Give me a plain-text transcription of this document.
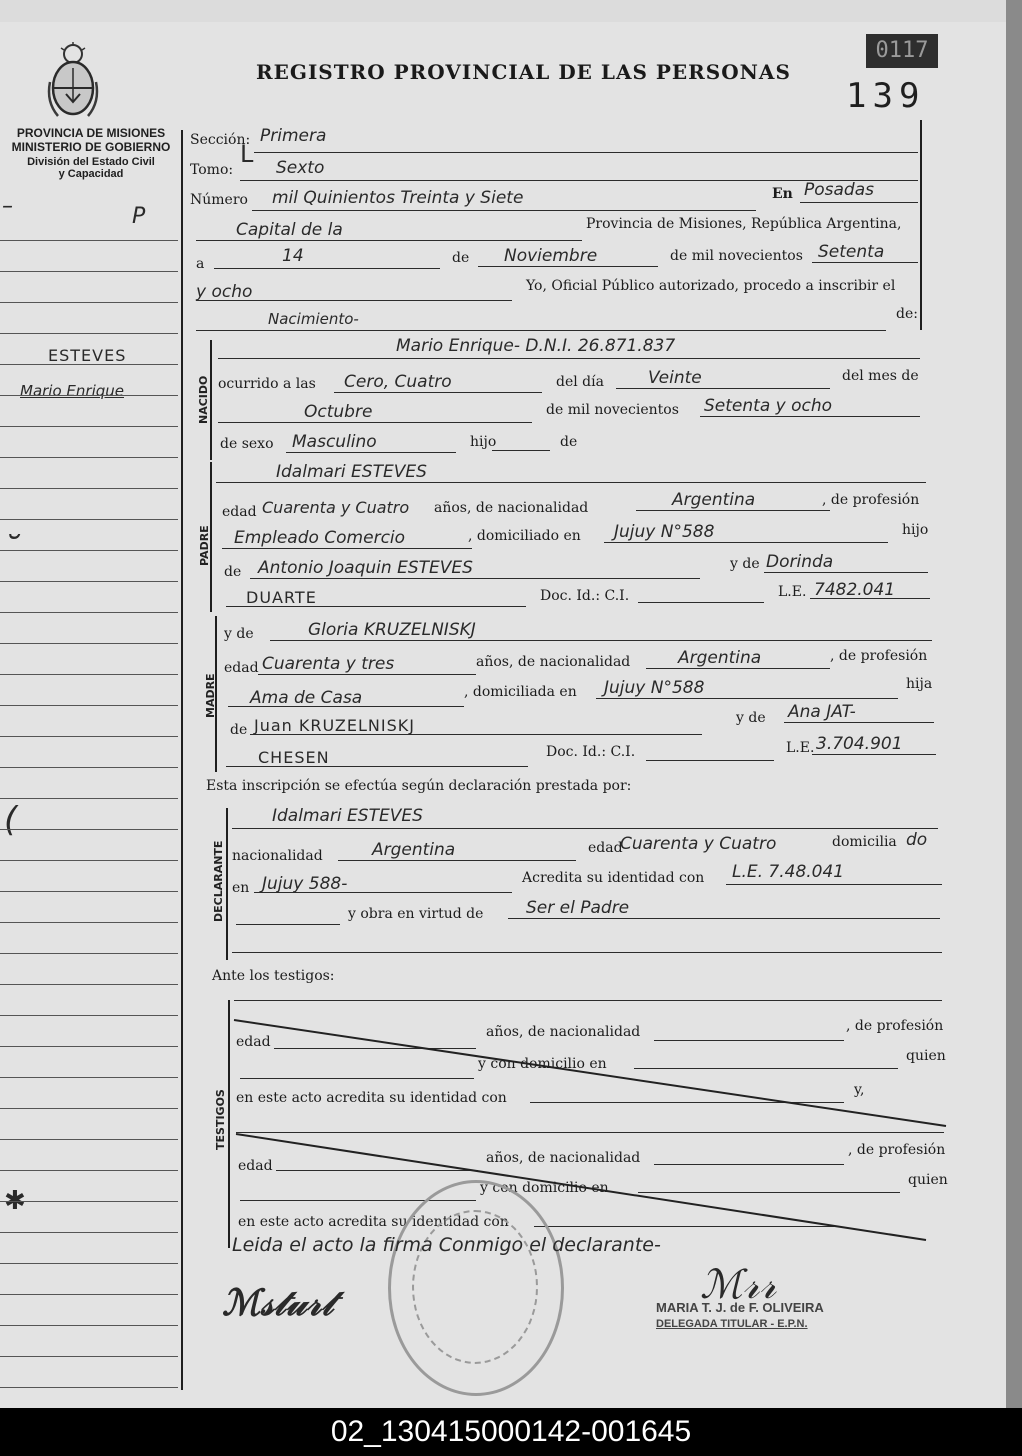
0117
REGISTRO PROVINCIAL DE LAS PERSONAS
139
PROVINCIA DE MISIONES
MINISTERIO DE GOBIERNO
División del Estado Civil
y Capacidad
–	P
ESTEVES
Mario Enrique
˘
(
✱
Sección: Primera
Tomo:
L Sexto
Número mil Quinientos Treinta y Siete	En Posadas
Capital de la	Provincia de Misiones, República Argentina,
a	14	de Noviembre	de mil novecientos Setenta
y ocho	Yo, Oficial Público autorizado, procedo a inscribir el
Nacimiento-	de:
NACIDO
Mario Enrique- D.N.I. 26.871.837
ocurrido a las Cero, Cuatro	del día	Veinte	del mes de
Octubre	de mil novecientos Setenta y ocho
de sexo Masculino	hijo	de
PADRE
Idalmari ESTEVES
edad Cuarenta y Cuatro años, de nacionalidad	Argentina	, de profesión
Empleado Comercio	, domiciliado en Jujuy N°588	hijo
de Antonio Joaquin ESTEVES	y de Dorinda
DUARTE	Doc. Id.: C.I.	L.E. 7482.041
MADRE
y de	Gloria KRUZELNISKJ
edad Cuarenta y tres	años, de nacionalidad	Argentina	, de profesión
Ama de Casa	, domiciliada en Jujuy N°588	hija
de Juan KRUZELNISKJ	y de Ana JAT-
CHESEN	Doc. Id.: C.I.	L.E. 3.704.901
Esta inscripción se efectúa según declaración prestada por:
DECLARANTE
Idalmari ESTEVES
nacionalidad	Argentina	edad
Cuarenta y Cuatro	domicilia do
en Jujuy 588-	Acredita su identidad con L.E. 7.48.041
y obra en virtud de	Ser el Padre
Ante los testigos:
TESTIGOS
edad
años, de nacionalidad	, de profesión
y con domicilio en	quien
en este acto acredita su identidad con	y,
edad	años, de nacionalidad	, de profesión
y con domicilio en	quien
en este acto acredita su identidad con
Leida el acto la firma Conmigo el declarante-
ℳ𝓈𝓉𝓊𝓇𝓉	ℳ𝓇𝓇
MARIA T. J. de F. OLIVEIRA
DELEGADA TITULAR - E.P.N.
02_130415000142-001645
